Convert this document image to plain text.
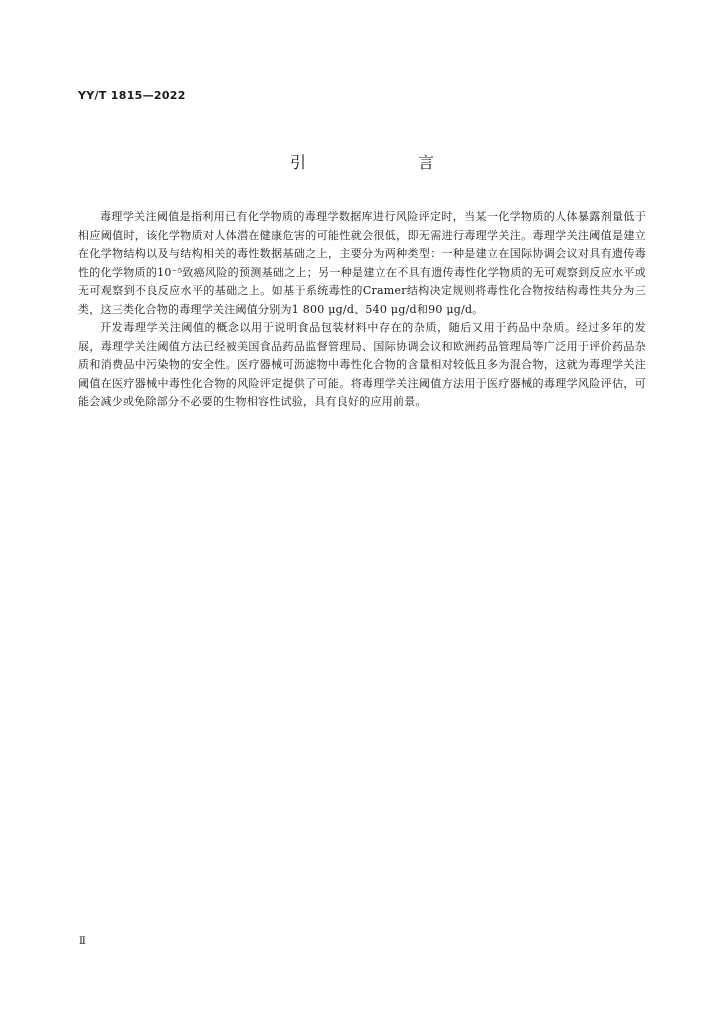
YY/T 1815—2022
引　言

毒理学关注阈值是指利用已有化学物质的毒理学数据库进行风险评定时，当某一化学物质的人体暴露剂量低于相应阈值时，该化学物质对人体潜在健康危害的可能性就会很低，即无需进行毒理学关注。毒理学关注阈值是建立在化学物结构以及与结构相关的毒性数据基础之上，主要分为两种类型：一种是建立在国际协调会议对具有遗传毒性的化学物质的10⁻⁵致癌风险的预测基础之上；另一种是建立在不具有遗传毒性化学物质的无可观察到反应水平或无可观察到不良反应水平的基础之上。如基于系统毒性的Cramer结构决定规则将毒性化合物按结构毒性共分为三类，这三类化合物的毒理学关注阈值分别为1 800 μg/d、540 μg/d和90 μg/d。

开发毒理学关注阈值的概念以用于说明食品包装材料中存在的杂质，随后又用于药品中杂质。经过多年的发展，毒理学关注阈值方法已经被美国食品药品监督管理局、国际协调会议和欧洲药品管理局等广泛用于评价药品杂质和消费品中污染物的安全性。医疗器械可沥滤物中毒性化合物的含量相对较低且多为混合物，这就为毒理学关注阈值在医疗器械中毒性化合物的风险评定提供了可能。将毒理学关注阈值方法用于医疗器械的毒理学风险评估，可能会减少或免除部分不必要的生物相容性试验，具有良好的应用前景。

Ⅱ
